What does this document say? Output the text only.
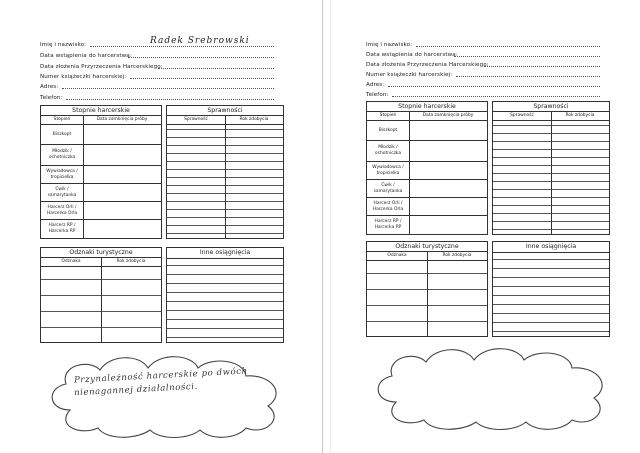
Imię i nazwisko:	Radek Srebrowski
Data wstąpienia do harcerstwa:
Data złożenia Przyrzeczenia Harcerskiego:
Numer książeczki harcerskiej:
Adres:
Telefon:
Stopnie harcerskie
Stopień	Data zamknięcia próby
Biszkopt
Młodzik / ochotniczka
Wywiadowca / tropicielka
Ćwik / samarytanka
Harcerz Orli / Harcerka Orla
Harcerz RP / Harcerka RP
Sprawności
Sprawność	Rok zdobycia
Odznaki turystyczne
Odznaka	Rok zdobycia
Inne osiągnięcia
Przynależność harcerskie po dwóch
nienagannej działalności.
Imię i nazwisko:
Data wstąpienia do harcerstwa:
Data złożenia Przyrzeczenia Harcerskiego:
Numer książeczki harcerskiej:
Adres:
Telefon:
Stopnie harcerskie
Stopień	Data zamknięcia próby
Biszkopt
Młodzik / ochotniczka
Wywiadowca / tropicielka
Ćwik / samarytanka
Harcerz Orli / Harcerka Orla
Harcerz RP / Harcerka RP
Sprawności
Sprawność	Rok zdobycia
Odznaki turystyczne
Odznaka	Rok zdobycia
Inne osiągnięcia
